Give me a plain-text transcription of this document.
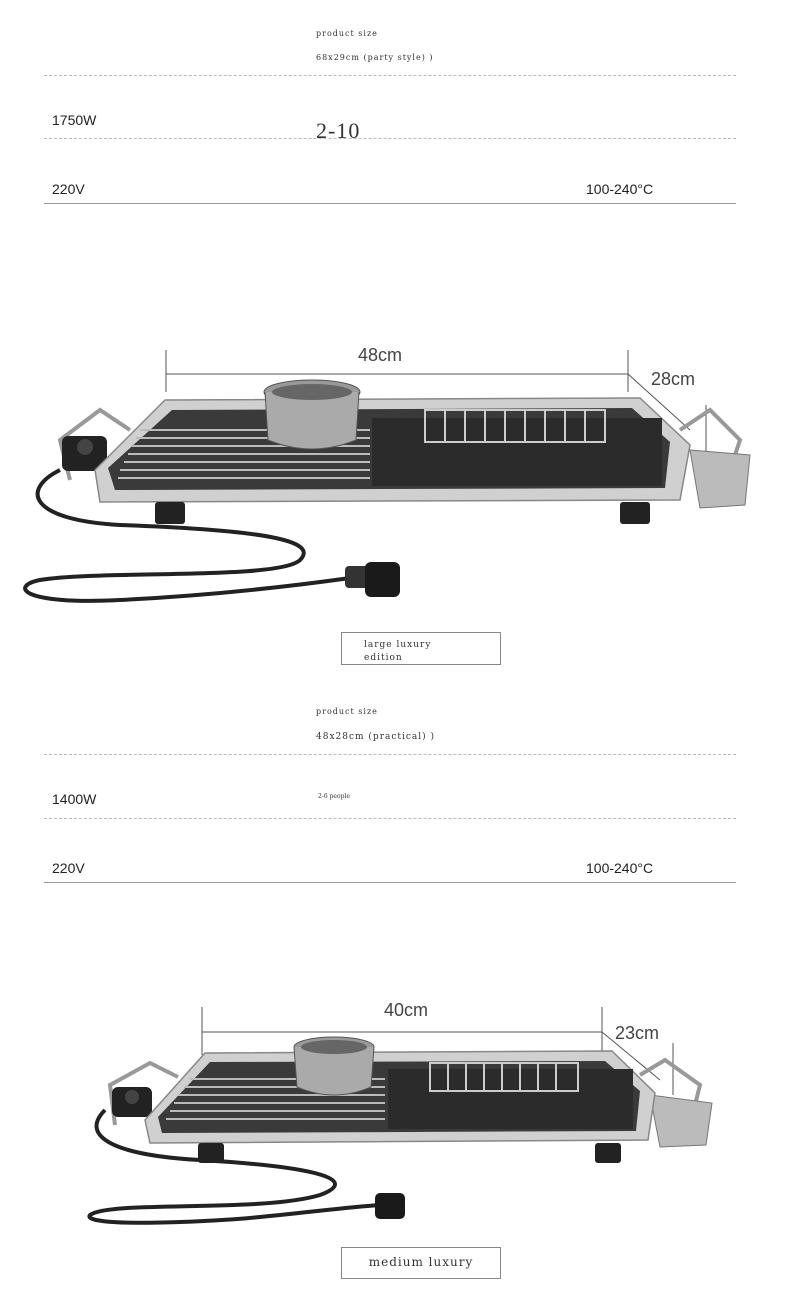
product size
68x29cm (party style) )
1750W	2-10
220V	100-240°C
48cm
28cm
large luxury edition
product size
48x28cm (practical) )
1400W	2-6 people
220V	100-240°C
40cm
23cm
medium luxury
